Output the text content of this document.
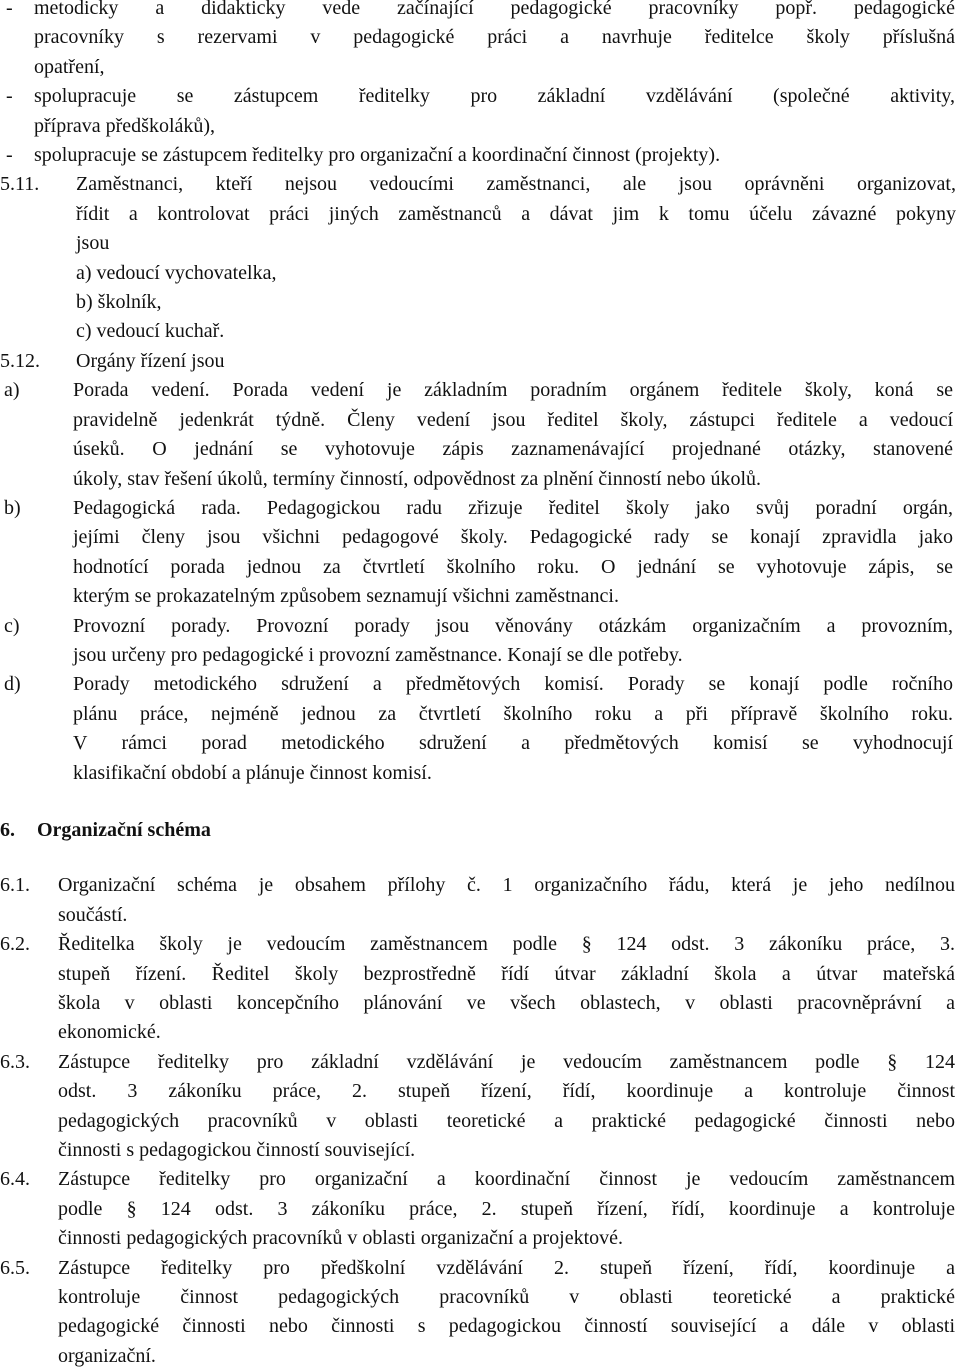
-	metodicky a didakticky vede začínající pedagogické pracovníky popř. pedagogické
pracovníky s rezervami v pedagogické práci a navrhuje ředitelce školy příslušná
opatření,
-	spolupracuje se zástupcem ředitelky pro základní vzdělávání (společné aktivity,
příprava předškoláků),
-	spolupracuje se zástupcem ředitelky pro organizační a koordinační činnost (projekty).
5.11.	Zaměstnanci, kteří nejsou vedoucími zaměstnanci, ale jsou oprávněni organizovat,
řídit a kontrolovat práci jiných zaměstnanců a dávat jim k tomu účelu závazné pokyny
jsou
a) vedoucí vychovatelka,
b) školník,
c) vedoucí kuchař.
5.12.	Orgány řízení jsou
a)	Porada vedení. Porada vedení je základním poradním orgánem ředitele školy, koná se
pravidelně jedenkrát týdně. Členy vedení jsou ředitel školy, zástupci ředitele a vedoucí
úseků. O jednání se vyhotovuje zápis zaznamenávající projednané otázky, stanovené
úkoly, stav řešení úkolů, termíny činností, odpovědnost za plnění činností nebo úkolů.
b)	Pedagogická rada. Pedagogickou radu zřizuje ředitel školy jako svůj poradní orgán,
jejími členy jsou všichni pedagogové školy. Pedagogické rady se konají zpravidla jako
hodnotící porada jednou za čtvrtletí školního roku. O jednání se vyhotovuje zápis, se
kterým se prokazatelným způsobem seznamují všichni zaměstnanci.
c)	Provozní porady. Provozní porady jsou věnovány otázkám organizačním a provozním,
jsou určeny pro pedagogické i provozní zaměstnance. Konají se dle potřeby.
d)	Porady metodického sdružení a předmětových komisí. Porady se konají podle ročního
plánu práce, nejméně jednou za čtvrtletí školního roku a při přípravě školního roku.
V rámci porad metodického sdružení a předmětových komisí se vyhodnocují
klasifikační období a plánuje činnost komisí.
6. Organizační schéma
6.1.	Organizační schéma je obsahem přílohy č. 1 organizačního řádu, která je jeho nedílnou
součástí.
6.2.	Ředitelka školy je vedoucím zaměstnancem podle § 124 odst. 3 zákoníku práce, 3.
stupeň řízení. Ředitel školy bezprostředně řídí útvar základní škola a útvar mateřská
škola v oblasti koncepčního plánování ve všech oblastech, v oblasti pracovněprávní a
ekonomické.
6.3.	Zástupce ředitelky pro základní vzdělávání je vedoucím zaměstnancem podle § 124
odst. 3 zákoníku práce, 2. stupeň řízení, řídí, koordinuje a kontroluje činnost
pedagogických pracovníků v oblasti teoretické a praktické pedagogické činnosti nebo
činnosti s pedagogickou činností související.
6.4.	Zástupce ředitelky pro organizační a koordinační činnost je vedoucím zaměstnancem
podle § 124 odst. 3 zákoníku práce, 2. stupeň řízení, řídí, koordinuje a kontroluje
činnosti pedagogických pracovníků v oblasti organizační a projektové.
6.5.	Zástupce ředitelky pro předškolní vzdělávání 2. stupeň řízení, řídí, koordinuje a
kontroluje činnost pedagogických pracovníků v oblasti teoretické a praktické
pedagogické činnosti nebo činnosti s pedagogickou činností související a dále v oblasti
organizační.
